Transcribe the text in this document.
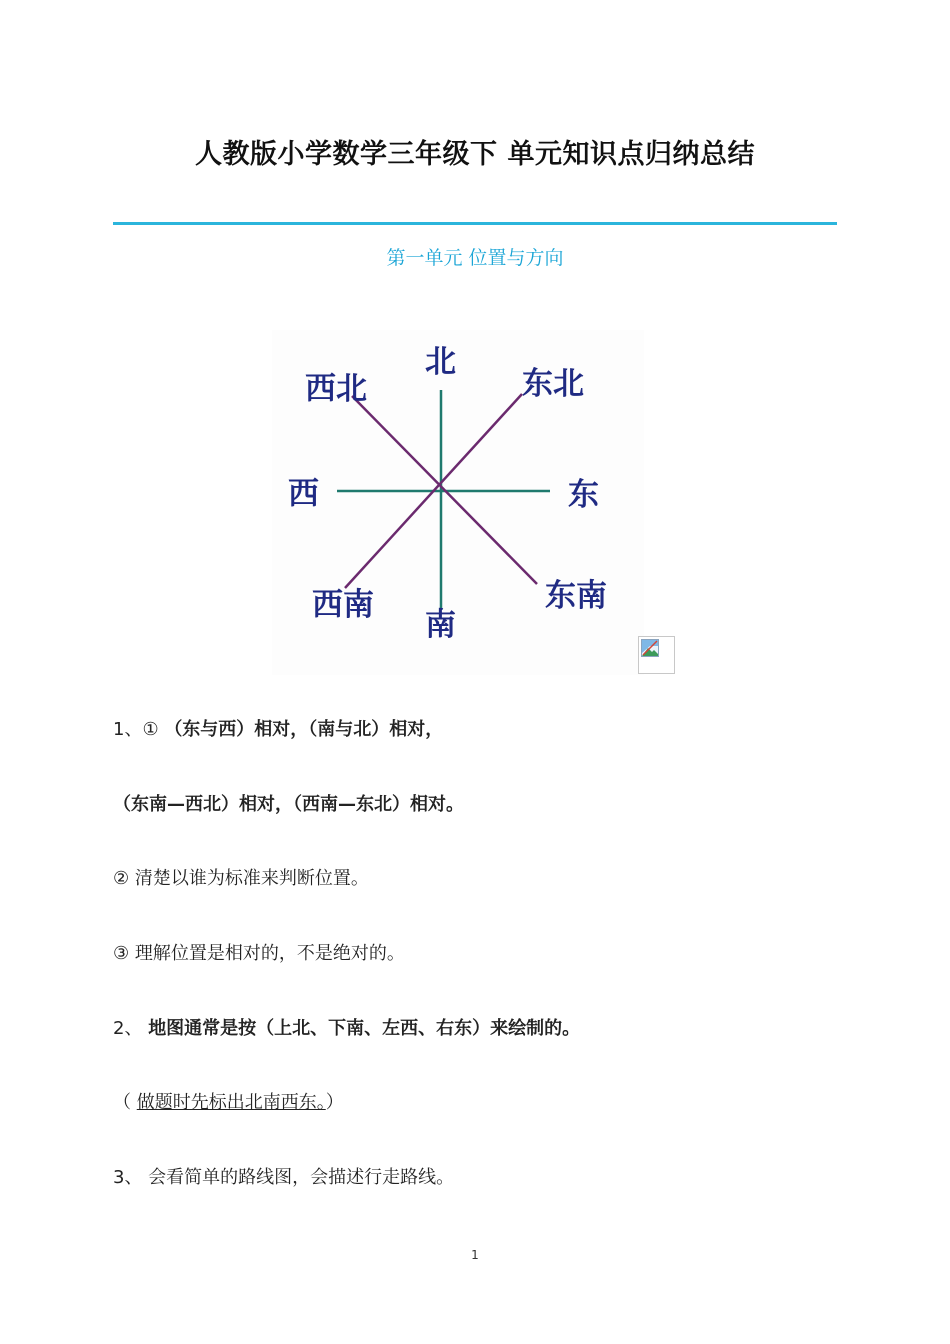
人教版小学数学三年级下 单元知识点归纳总结
第一单元 位置与方向
北
东北
东
东南
南
西南
西
西北
1、① （东与西）相对，（南与北）相对，
（东南—西北）相对，（西南—东北）相对。
② 清楚以谁为标准来判断位置。
③ 理解位置是相对的，不是绝对的。
2、 地图通常是按（上北、下南、左西、右东）来绘制的。
（ 做题时先标出北南西东。）
3、 会看简单的路线图，会描述行走路线。
1
